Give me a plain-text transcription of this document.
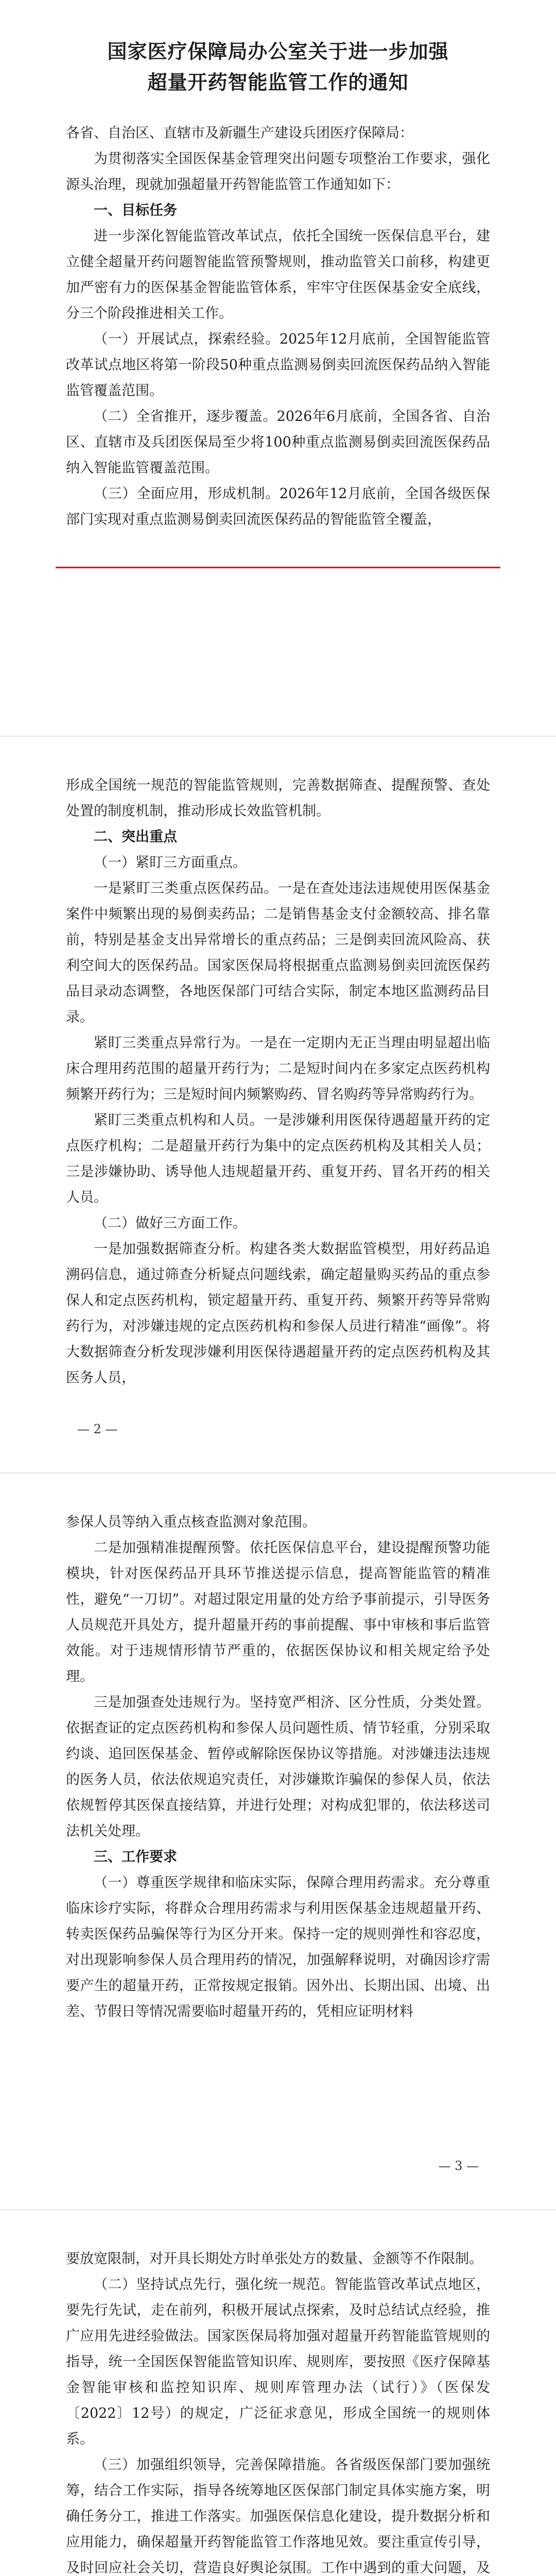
国家医疗保障局办公室关于进一步加强
超量开药智能监管工作的通知

各省、自治区、直辖市及新疆生产建设兵团医疗保障局：

为贯彻落实全国医保基金管理突出问题专项整治工作要求，强化源头治理，现就加强超量开药智能监管工作通知如下：

一、目标任务

进一步深化智能监管改革试点，依托全国统一医保信息平台，建立健全超量开药问题智能监管预警规则，推动监管关口前移，构建更加严密有力的医保基金智能监管体系，牢牢守住医保基金安全底线，分三个阶段推进相关工作。

（一）开展试点，探索经验。2025年12月底前，全国智能监管改革试点地区将第一阶段50种重点监测易倒卖回流医保药品纳入智能监管覆盖范围。

（二）全省推开，逐步覆盖。2026年6月底前，全国各省、自治区、直辖市及兵团医保局至少将100种重点监测易倒卖回流医保药品纳入智能监管覆盖范围。

（三）全面应用，形成机制。2026年12月底前，全国各级医保部门实现对重点监测易倒卖回流医保药品的智能监管全覆盖，

形成全国统一规范的智能监管规则，完善数据筛查、提醒预警、查处处置的制度机制，推动形成长效监管机制。

二、突出重点

（一）紧盯三方面重点。

一是紧盯三类重点医保药品。一是在查处违法违规使用医保基金案件中频繁出现的易倒卖药品；二是销售基金支付金额较高、排名靠前，特别是基金支出异常增长的重点药品；三是倒卖回流风险高、获利空间大的医保药品。国家医保局将根据重点监测易倒卖回流医保药品目录动态调整，各地医保部门可结合实际，制定本地区监测药品目录。

紧盯三类重点异常行为。一是在一定期内无正当理由明显超出临床合理用药范围的超量开药行为；二是短时间内在多家定点医药机构频繁开药行为；三是短时间内频繁购药、冒名购药等异常购药行为。

紧盯三类重点机构和人员。一是涉嫌利用医保待遇超量开药的定点医疗机构；二是超量开药行为集中的定点医药机构及其相关人员；三是涉嫌协助、诱导他人违规超量开药、重复开药、冒名开药的相关人员。

（二）做好三方面工作。

一是加强数据筛查分析。构建各类大数据监管模型，用好药品追溯码信息，通过筛查分析疑点问题线索，确定超量购买药品的重点参保人和定点医药机构，锁定超量开药、重复开药、频繁开药等异常购药行为，对涉嫌违规的定点医药机构和参保人员进行精准“画像”。将大数据筛查分析发现涉嫌利用医保待遇超量开药的定点医药机构及其医务人员，

— 2 —

参保人员等纳入重点核查监测对象范围。

二是加强精准提醒预警。依托医保信息平台，建设提醒预警功能模块，针对医保药品开具环节推送提示信息，提高智能监管的精准性，避免“一刀切”。对超过限定用量的处方给予事前提示，引导医务人员规范开具处方，提升超量开药的事前提醒、事中审核和事后监管效能。对于违规情形情节严重的，依据医保协议和相关规定给予处理。

三是加强查处违规行为。坚持宽严相济、区分性质，分类处置。依据查证的定点医药机构和参保人员问题性质、情节轻重，分别采取约谈、追回医保基金、暂停或解除医保协议等措施。对涉嫌违法违规的医务人员，依法依规追究责任，对涉嫌欺诈骗保的参保人员，依法依规暂停其医保直接结算，并进行处理；对构成犯罪的，依法移送司法机关处理。

三、工作要求

（一）尊重医学规律和临床实际，保障合理用药需求。充分尊重临床诊疗实际，将群众合理用药需求与利用医保基金违规超量开药、转卖医保药品骗保等行为区分开来。保持一定的规则弹性和容忍度，对出现影响参保人员合理用药的情况，加强解释说明，对确因诊疗需要产生的超量开药，正常按规定报销。因外出、长期出国、出境、出差、节假日等情况需要临时超量开药的，凭相应证明材料

— 3 —

要放宽限制，对开具长期处方时单张处方的数量、金额等不作限制。

（二）坚持试点先行，强化统一规范。智能监管改革试点地区，要先行先试，走在前列，积极开展试点探索，及时总结试点经验，推广应用先进经验做法。国家医保局将加强对超量开药智能监管规则的指导，统一全国医保智能监管知识库、规则库，要按照《医疗保障基金智能审核和监控知识库、规则库管理办法（试行）》（医保发〔2022〕12号）的规定，广泛征求意见，形成全国统一的规则体系。

（三）加强组织领导，完善保障措施。各省级医保部门要加强统筹，结合工作实际，指导各统筹地区医保部门制定具体实施方案，明确任务分工，推进工作落实。加强医保信息化建设，提升数据分析和应用能力，确保超量开药智能监管工作落地见效。要注重宣传引导，及时回应社会关切，营造良好舆论氛围。工作中遇到的重大问题，及
